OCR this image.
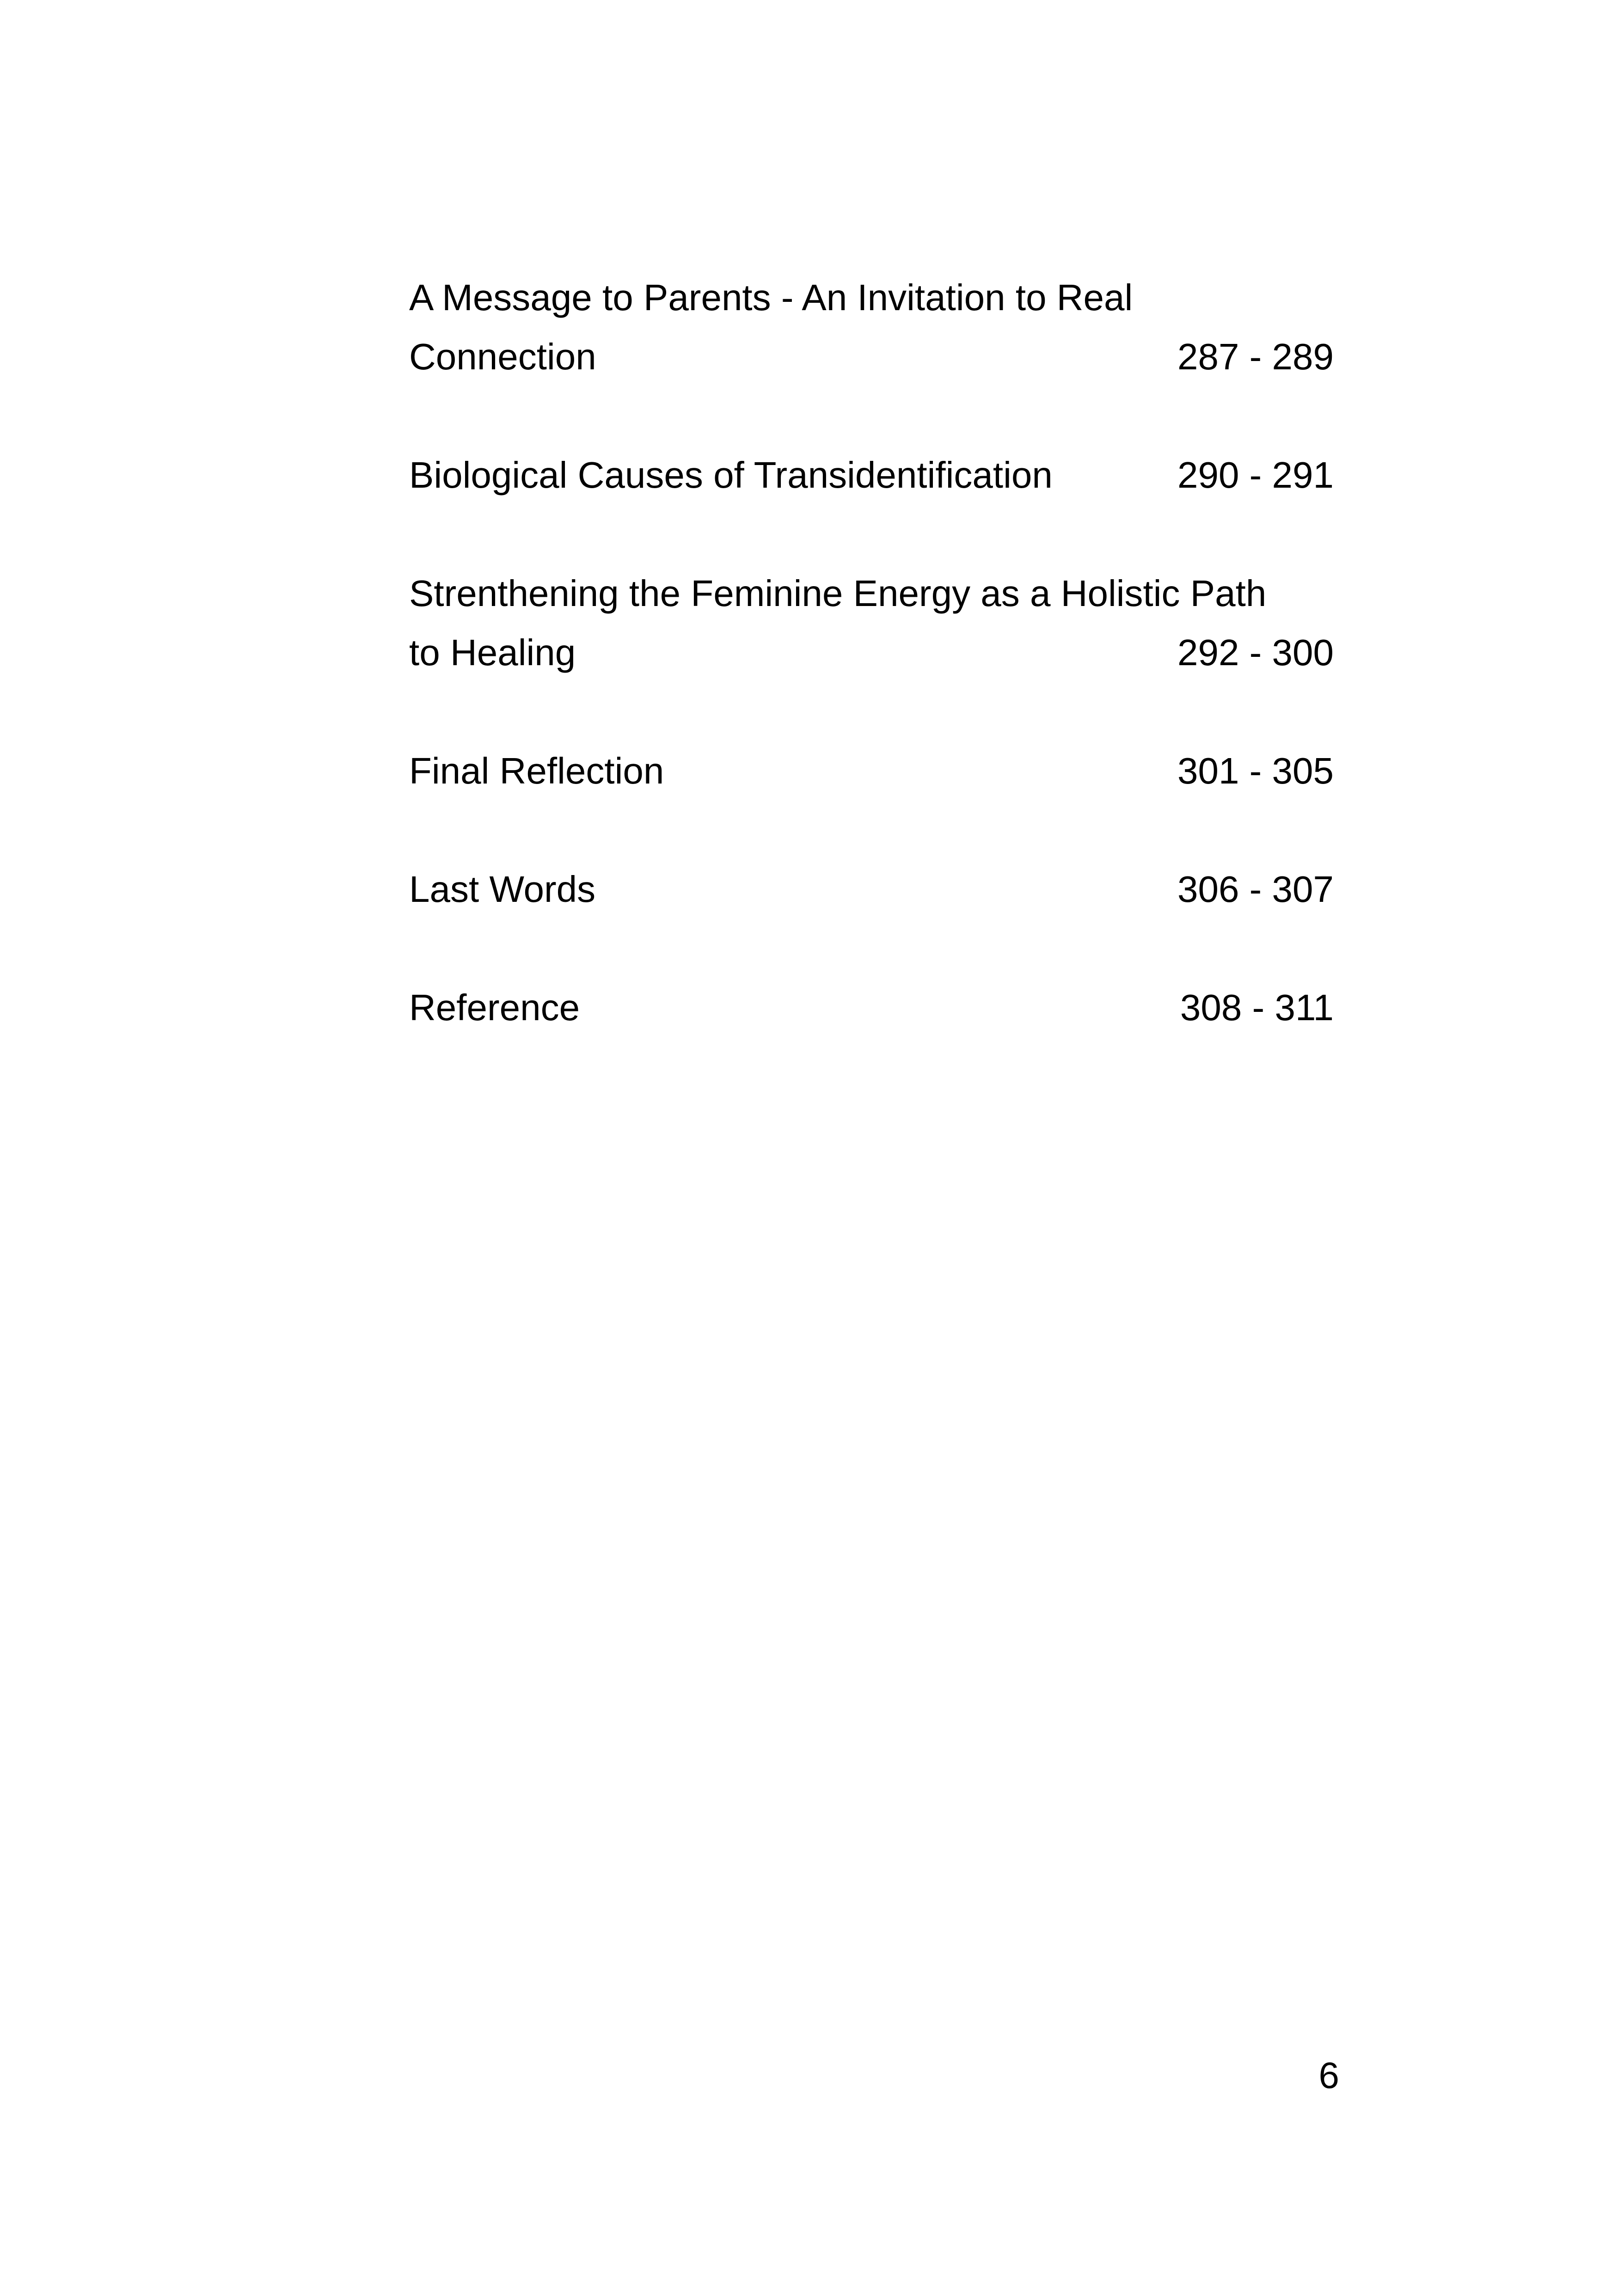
A Message to Parents - An Invitation to Real
Connection	287 - 289
Biological Causes of Transidentification	290 - 291
Strenthening the Feminine Energy as a Holistic Path
to Healing	292 - 300
Final Reflection	301 - 305
Last Words	306 - 307
Reference	308 - 311
6
